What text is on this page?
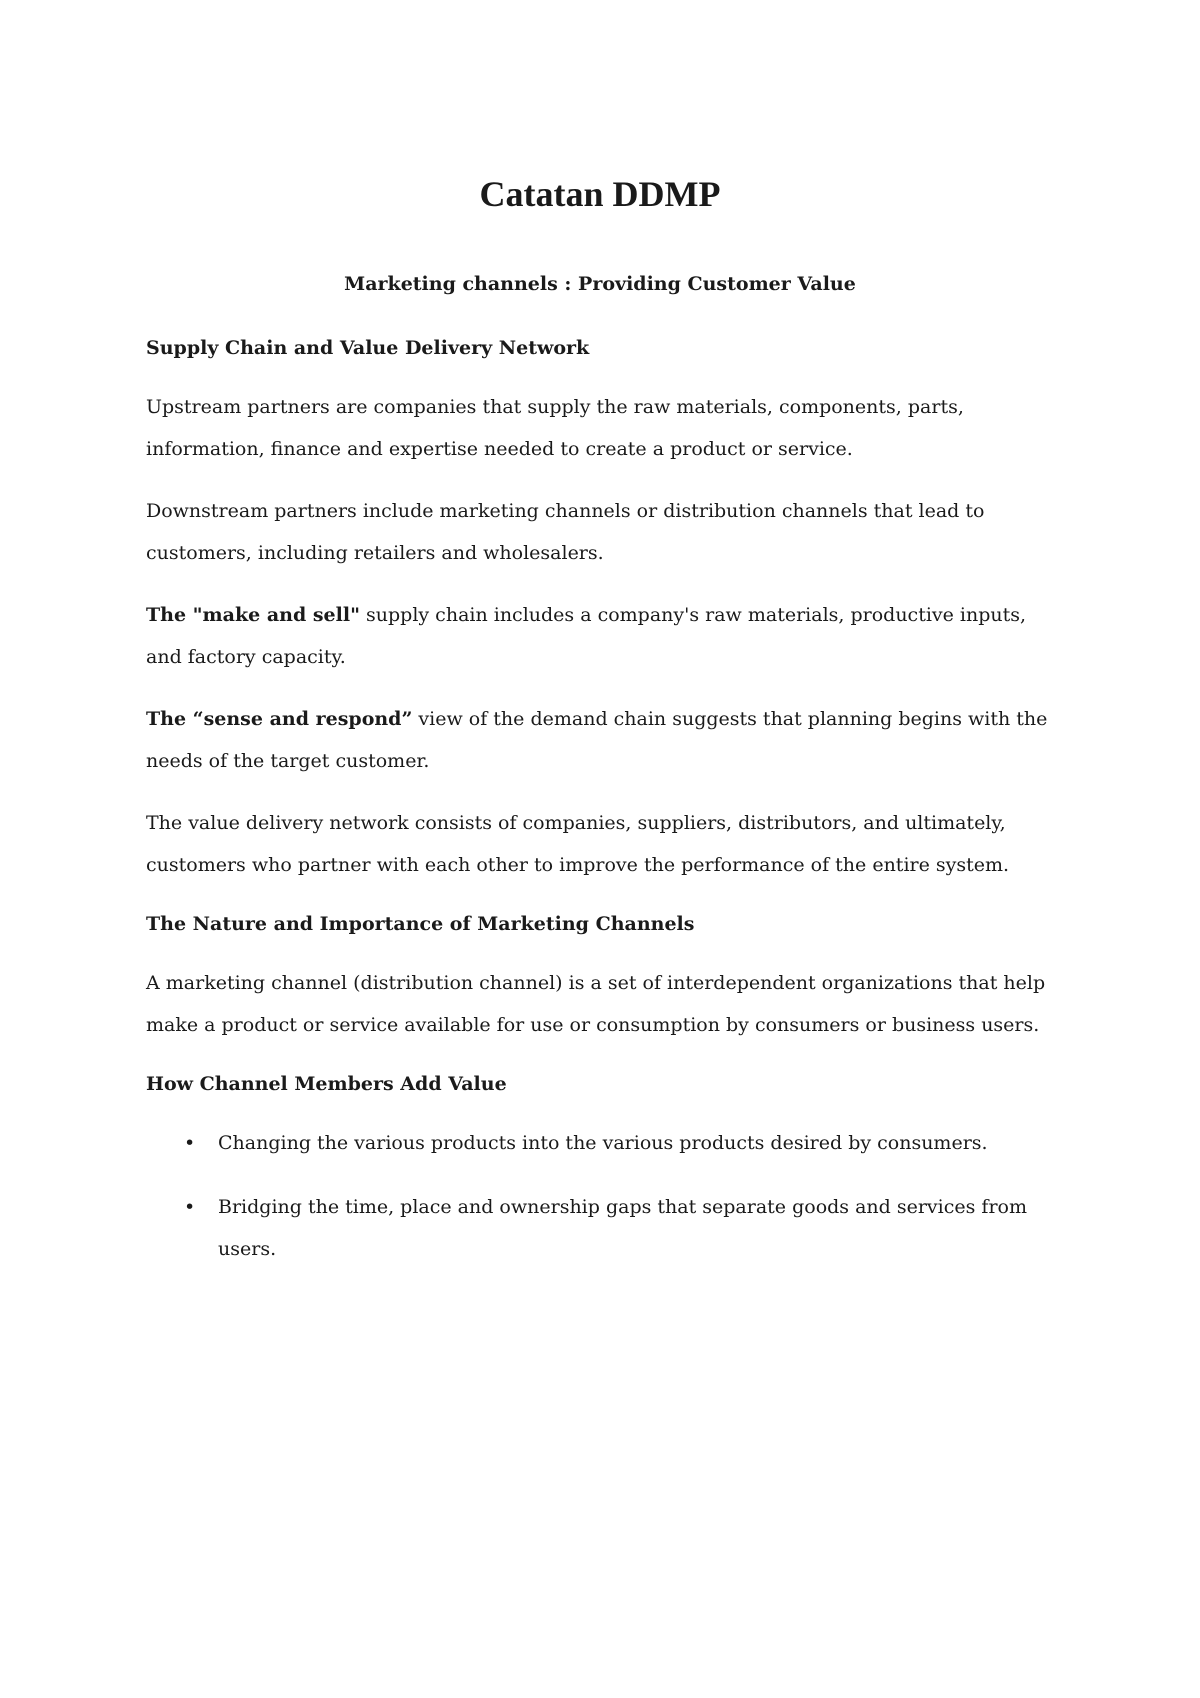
Catatan DDMP
Marketing channels : Providing Customer Value
Supply Chain and Value Delivery Network

Upstream partners are companies that supply the raw materials, components, parts, information, finance and expertise needed to create a product or service.

Downstream partners include marketing channels or distribution channels that lead to customers, including retailers and wholesalers.

The "make and sell" supply chain includes a company's raw materials, productive inputs, and factory capacity.

The “sense and respond” view of the demand chain suggests that planning begins with the needs of the target customer.

The value delivery network consists of companies, suppliers, distributors, and ultimately, customers who partner with each other to improve the performance of the entire system.

The Nature and Importance of Marketing Channels

A marketing channel (distribution channel) is a set of interdependent organizations that help make a product or service available for use or consumption by consumers or business users.

How Channel Members Add Value
• Changing the various products into the various products desired by consumers.
• Bridging the time, place and ownership gaps that separate goods and services from users.
